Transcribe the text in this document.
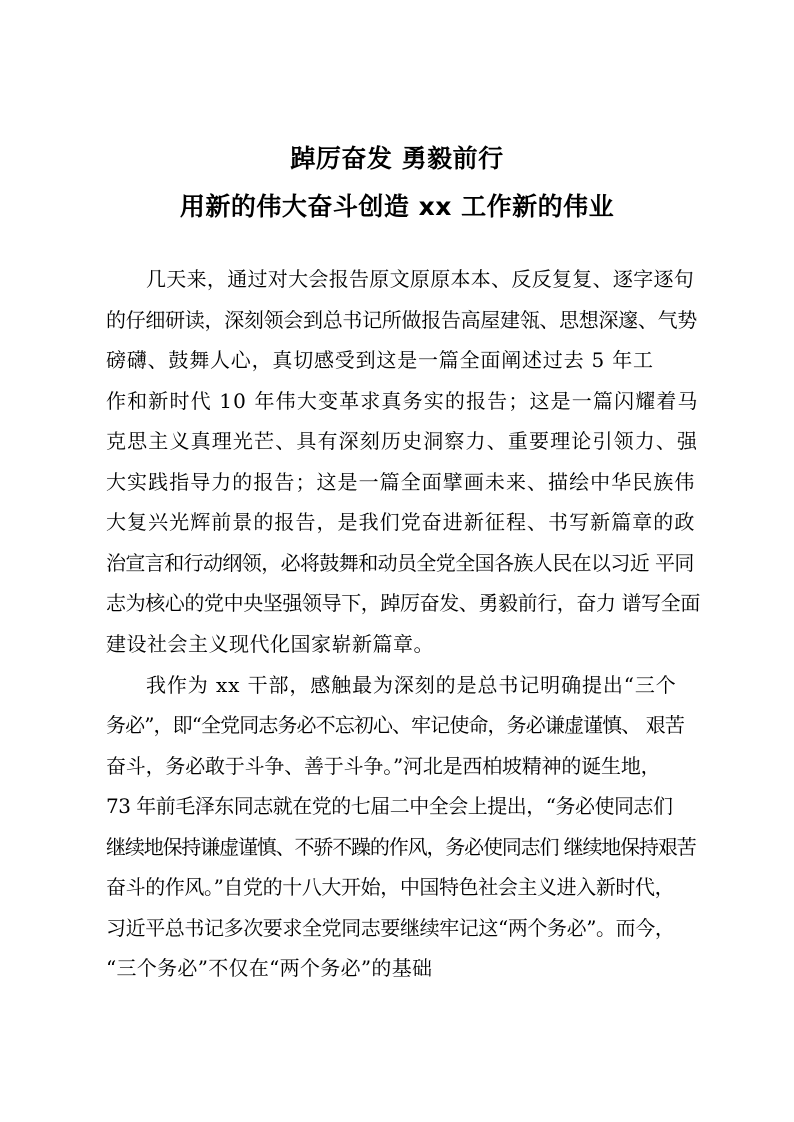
踔厉奋发 勇毅前行
用新的伟大奋斗创造 xx 工作新的伟业
几天来，通过对大会报告原文原原本本、反反复复、逐字逐句
的仔细研读，深刻领会到总书记所做报告高屋建瓴、思想深邃、气势
磅礴、鼓舞人心，真切感受到这是一篇全面阐述过去 5 年工
作和新时代 10 年伟大变革求真务实的报告；这是一篇闪耀着马
克思主义真理光芒、具有深刻历史洞察力、重要理论引领力、强
大实践指导力的报告；这是一篇全面擘画未来、描绘中华民族伟
大复兴光辉前景的报告，是我们党奋进新征程、书写新篇章的政
治宣言和行动纲领，必将鼓舞和动员全党全国各族人民在以习近 平同
志为核心的党中央坚强领导下，踔厉奋发、勇毅前行，奋力 谱写全面
建设社会主义现代化国家崭新篇章。
我作为 xx 干部，感触最为深刻的是总书记明确提出“三个
务必”，即“全党同志务必不忘初心、牢记使命，务必谦虚谨慎、 艰苦
奋斗，务必敢于斗争、善于斗争。”河北是西柏坡精神的诞生地，
73 年前毛泽东同志就在党的七届二中全会上提出，“务必使同志们
继续地保持谦虚谨慎、不骄不躁的作风，务必使同志们 继续地保持艰苦
奋斗的作风。”自党的十八大开始，中国特色社会主义进入新时代，
习近平总书记多次要求全党同志要继续牢记这“两个务必”。而今，
“三个务必”不仅在“两个务必”的基础
